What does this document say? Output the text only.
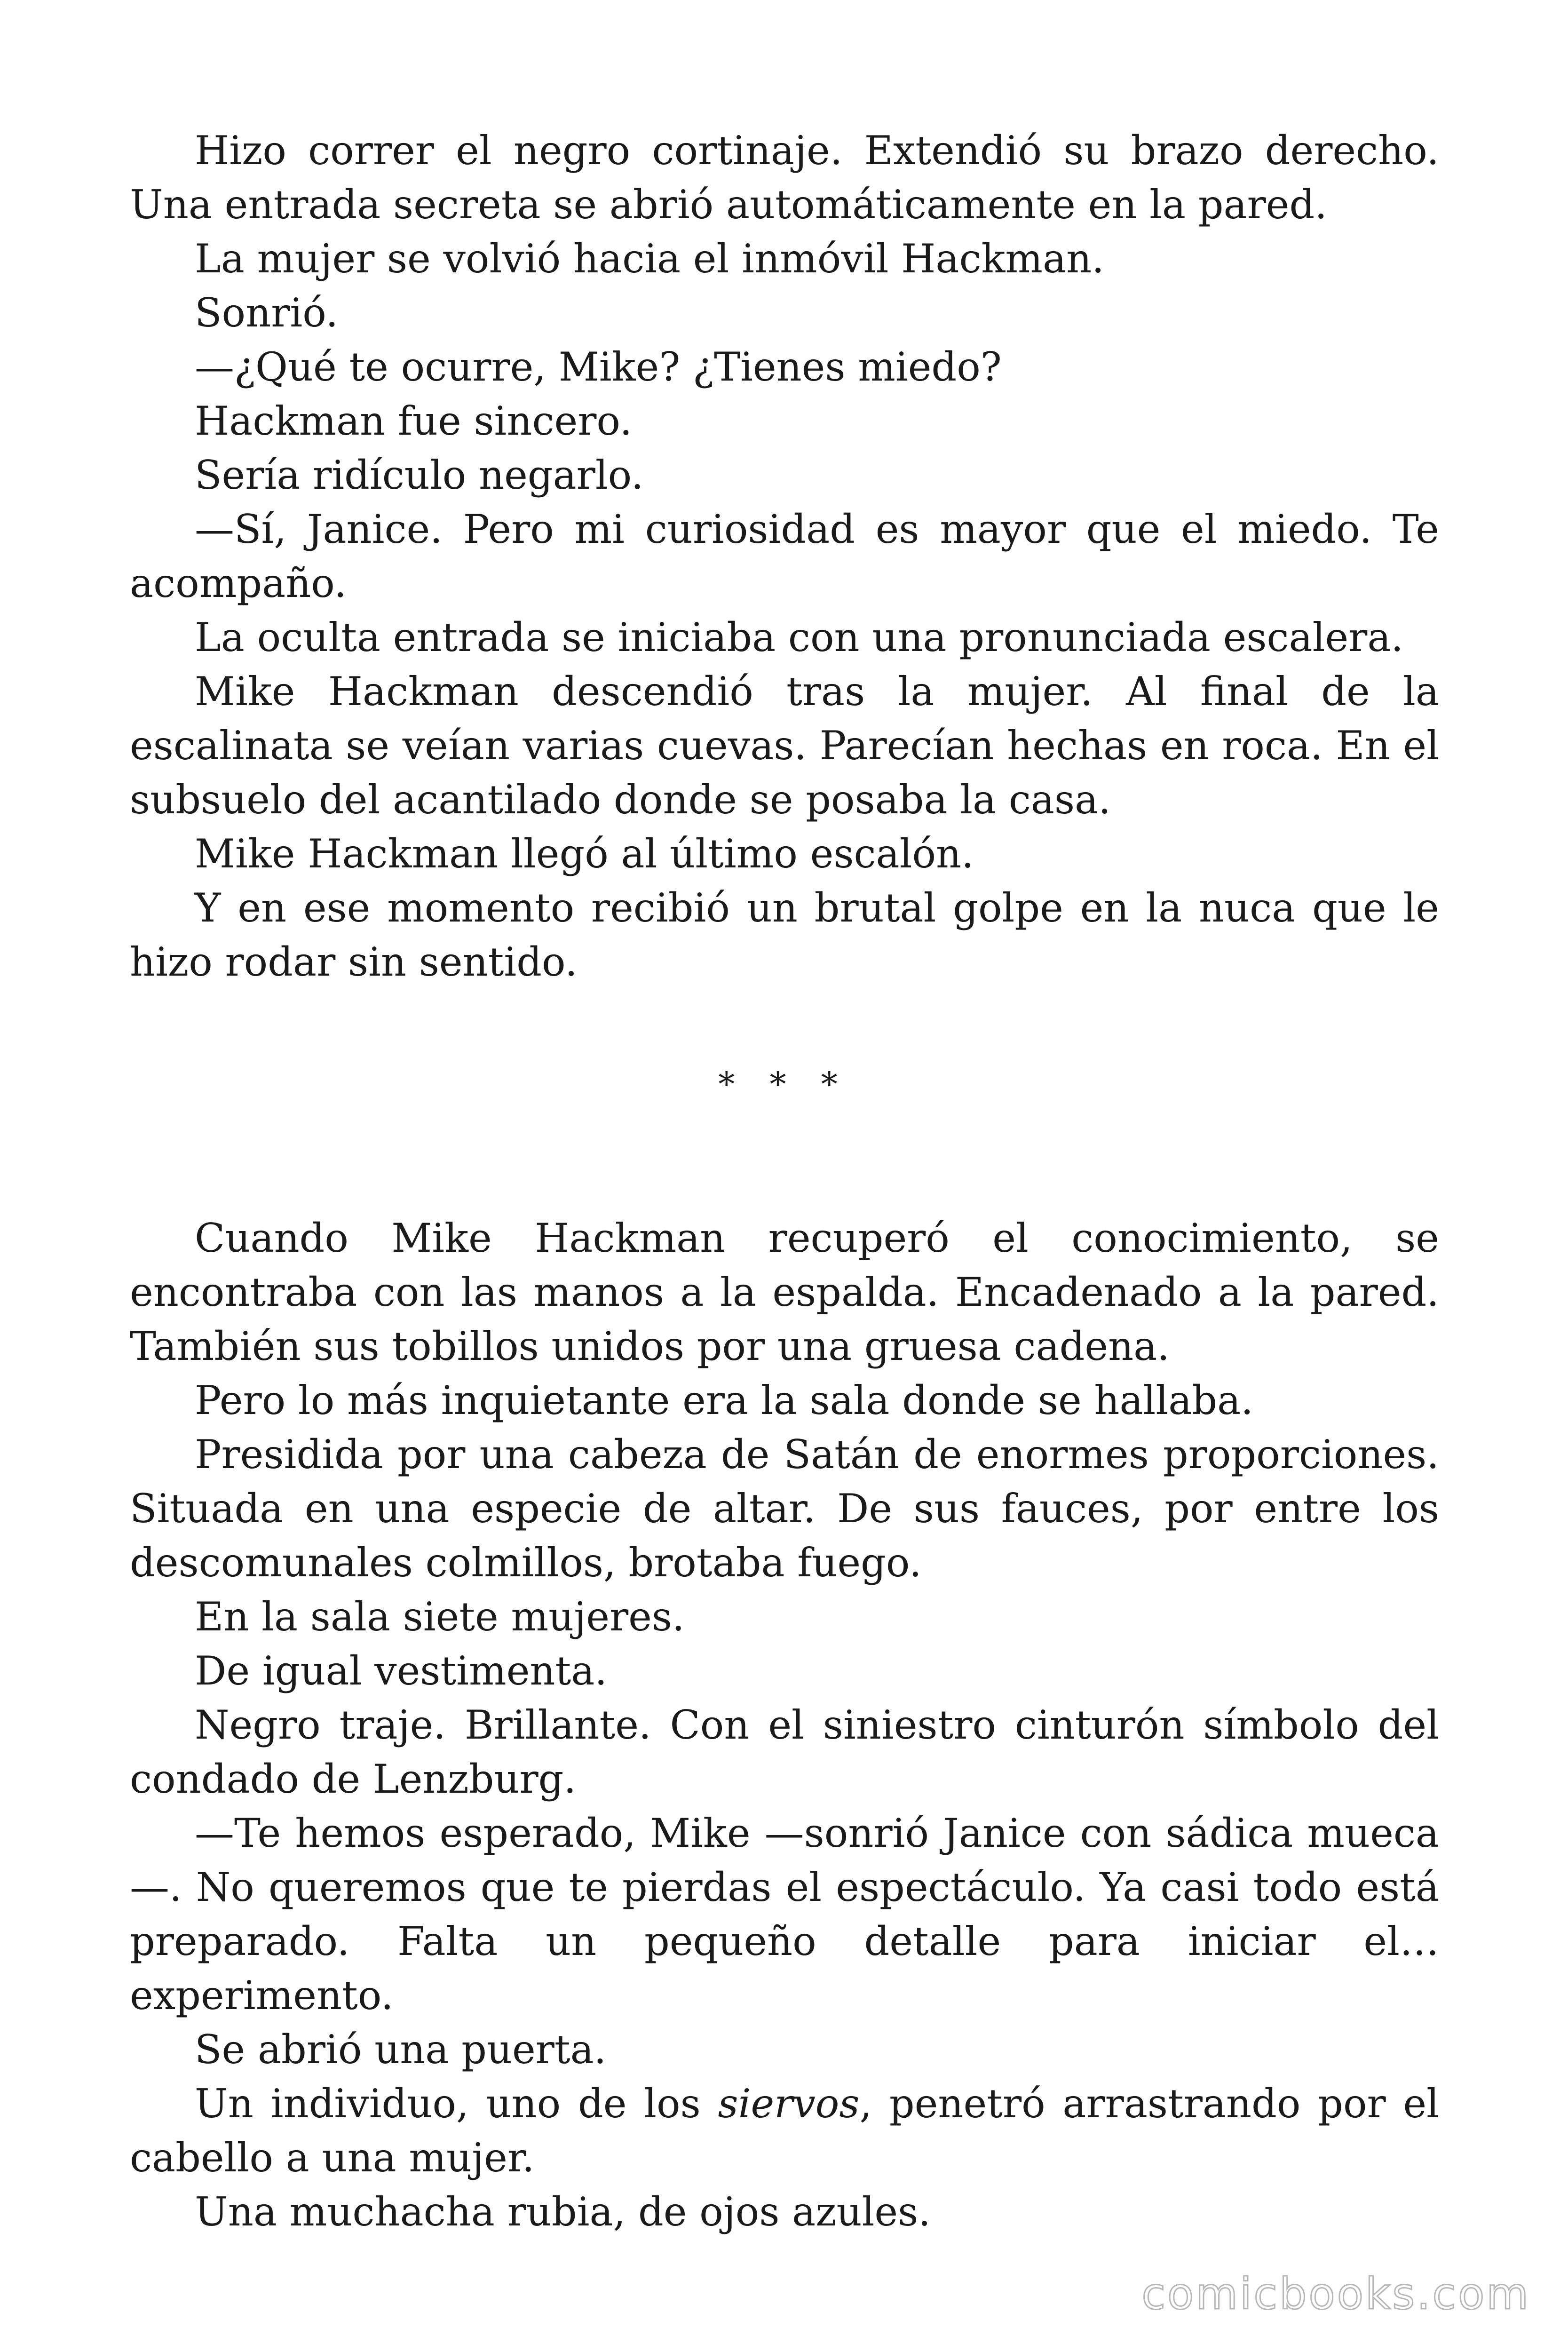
Hizo correr el negro cortinaje. Extendió su brazo derecho. Una entrada secreta se abrió automáticamente en la pared.

La mujer se volvió hacia el inmóvil Hackman.

Sonrió.

—¿Qué te ocurre, Mike? ¿Tienes miedo?

Hackman fue sincero.

Sería ridículo negarlo.

—Sí, Janice. Pero mi curiosidad es mayor que el miedo. Te acompaño.

La oculta entrada se iniciaba con una pronunciada escalera.

Mike Hackman descendió tras la mujer. Al final de la escalinata se veían varias cuevas. Parecían hechas en roca. En el subsuelo del acantilado donde se posaba la casa.

Mike Hackman llegó al último escalón.

Y en ese momento recibió un brutal golpe en la nuca que le hizo rodar sin sentido.

* * *

Cuando Mike Hackman recuperó el conocimiento, se encontraba con las manos a la espalda. Encadenado a la pared. También sus tobillos unidos por una gruesa cadena.

Pero lo más inquietante era la sala donde se hallaba.

Presidida por una cabeza de Satán de enormes proporciones. Situada en una especie de altar. De sus fauces, por entre los descomunales colmillos, brotaba fuego.

En la sala siete mujeres.

De igual vestimenta.

Negro traje. Brillante. Con el siniestro cinturón símbolo del condado de Lenzburg.

—Te hemos esperado, Mike —sonrió Janice con sádica mueca—. No queremos que te pierdas el espectáculo. Ya casi todo está preparado. Falta un pequeño detalle para iniciar el… experimento.

Se abrió una puerta.

Un individuo, uno de los siervos, penetró arrastrando por el cabello a una mujer.

Una muchacha rubia, de ojos azules.

comicbooks.com
